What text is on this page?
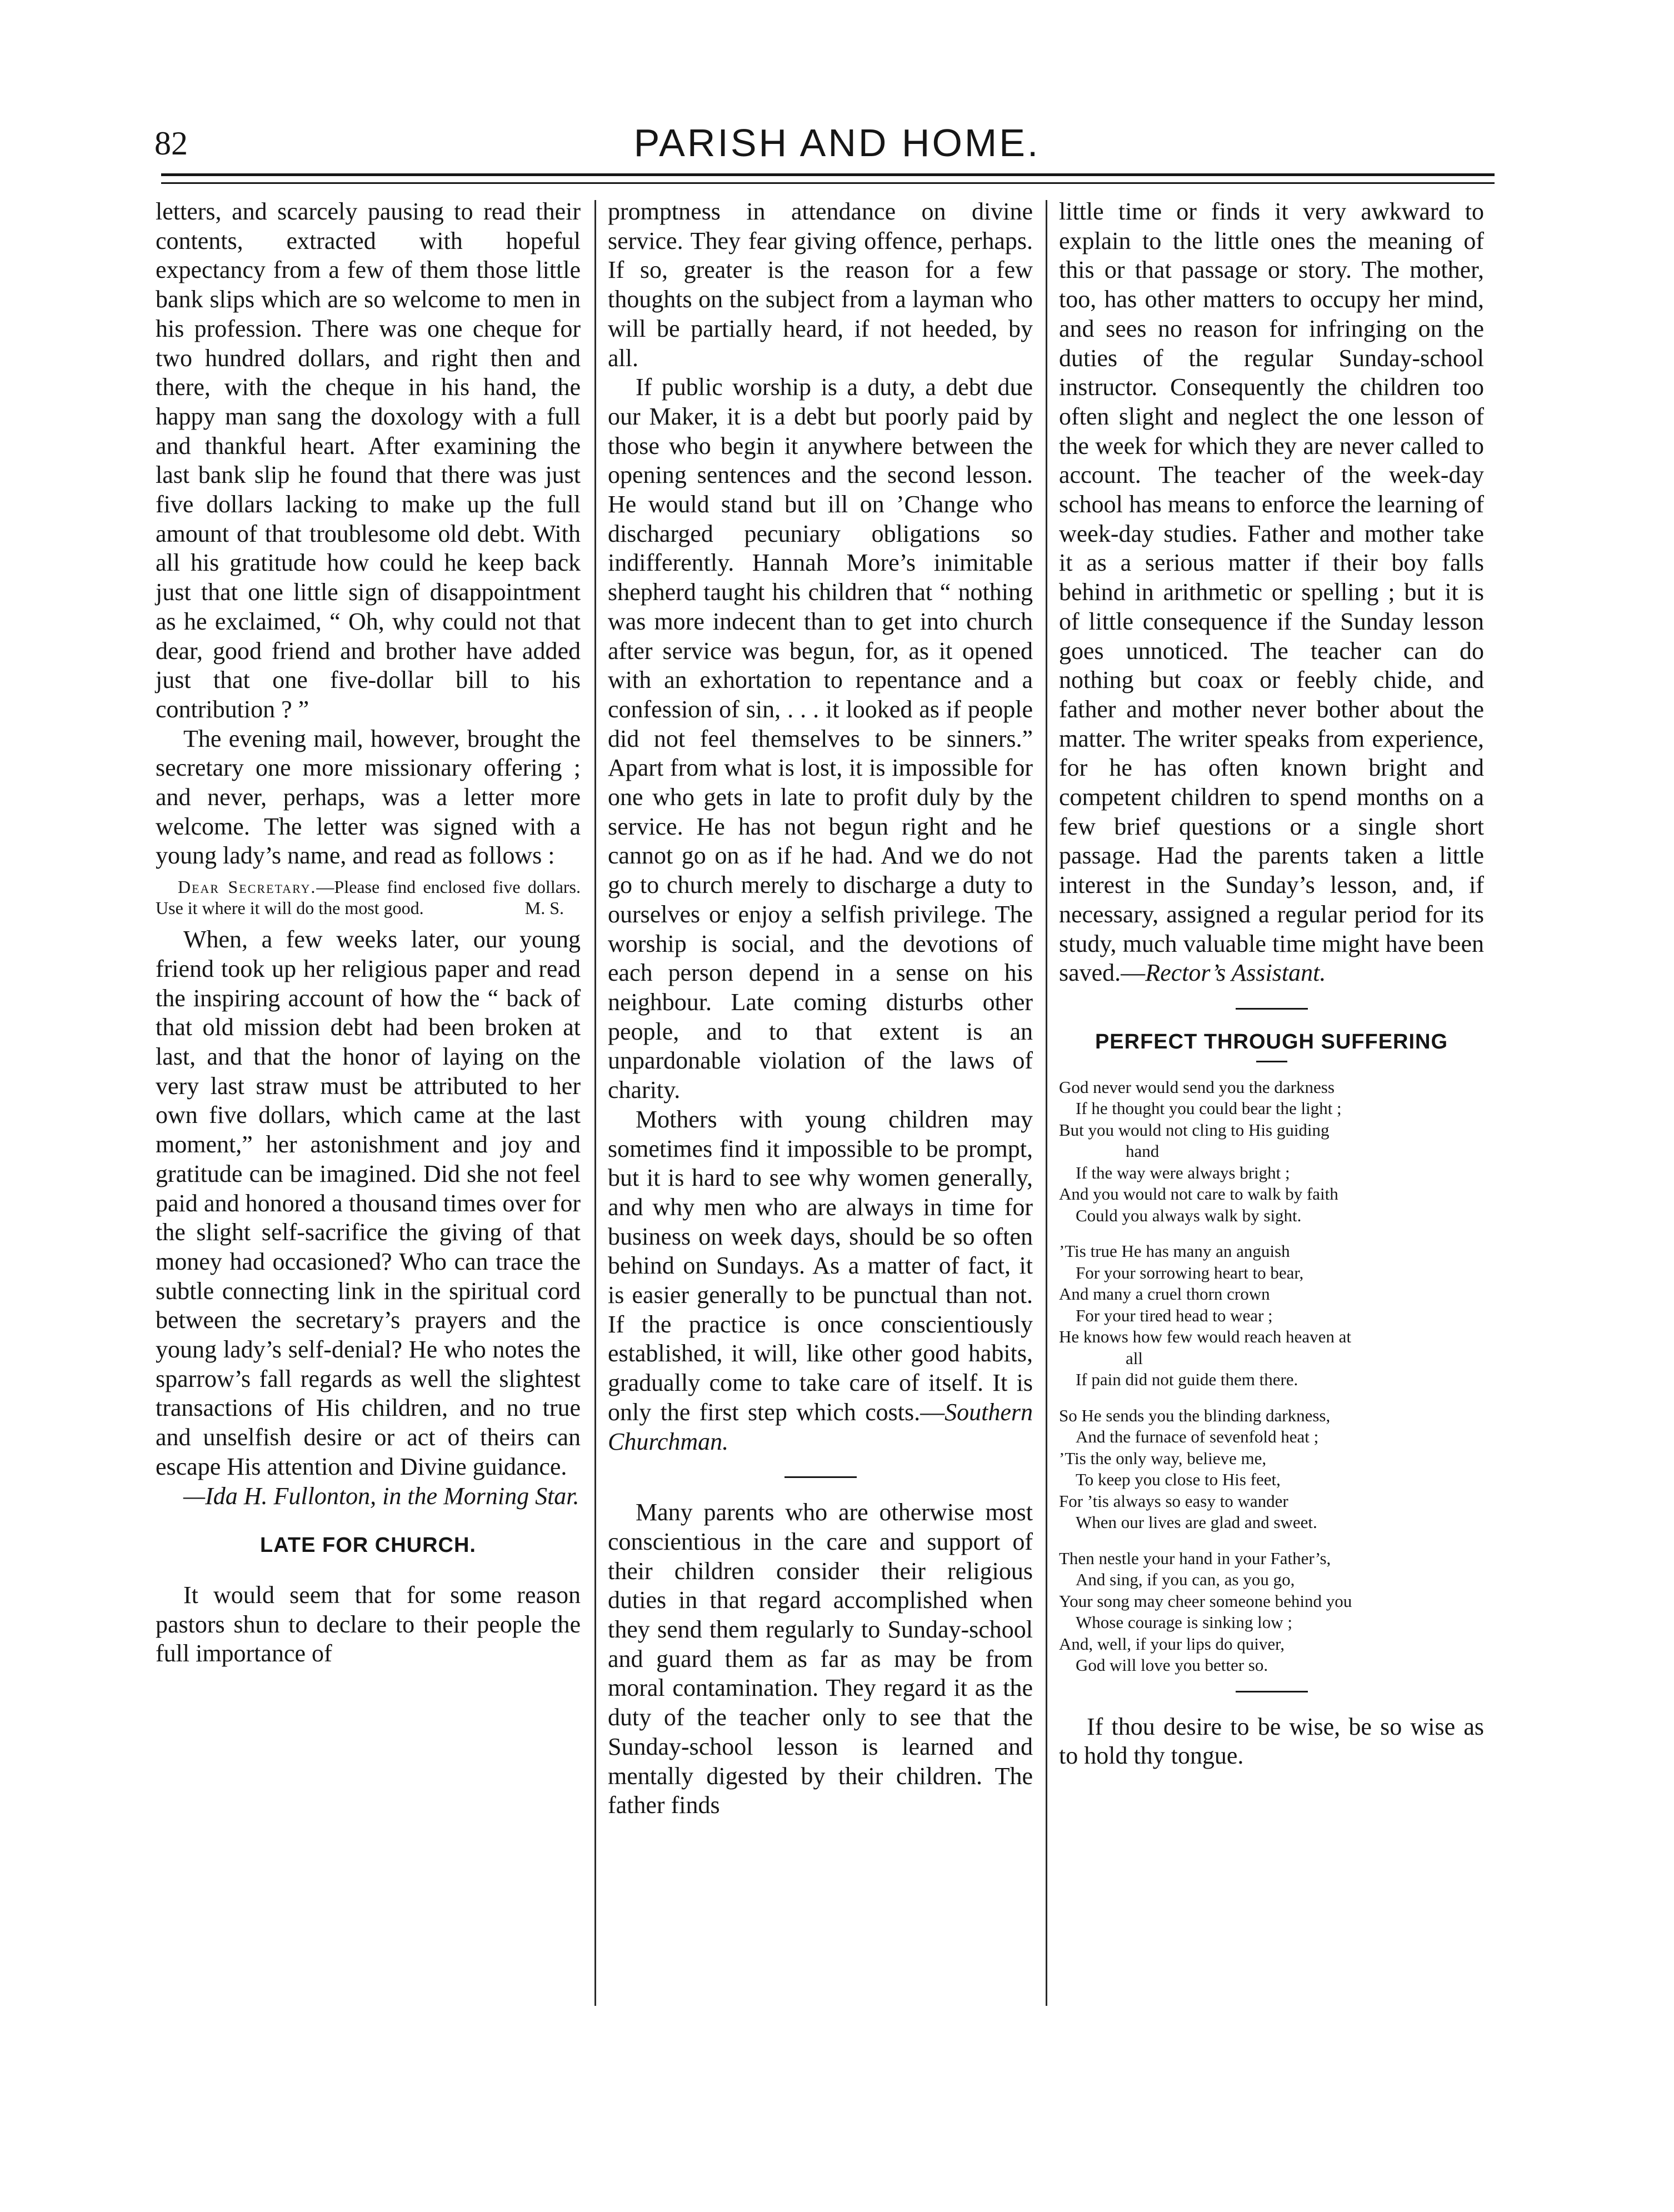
82	PARISH AND HOME.

letters, and scarcely pausing to read their contents, extracted with hopeful expectancy from a few of them those little bank slips which are so welcome to men in his profession. There was one cheque for two hundred dollars, and right then and there, with the cheque in his hand, the happy man sang the doxology with a full and thankful heart. After examining the last bank slip he found that there was just five dollars lacking to make up the full amount of that troublesome old debt. With all his gratitude how could he keep back just that one little sign of disappointment as he exclaimed, “ Oh, why could not that dear, good friend and brother have added just that one five-dollar bill to his contribution ? ”

The evening mail, however, brought the secretary one more missionary offering ; and never, perhaps, was a letter more welcome. The letter was signed with a young lady’s name, and read as follows :

Dear Secretary.—Please find enclosed five dollars. Use it where it will do the most good.	M. S.

When, a few weeks later, our young friend took up her religious paper and read the inspiring account of how the “ back of that old mission debt had been broken at last, and that the honor of laying on the very last straw must be attributed to her own five dollars, which came at the last moment,” her astonishment and joy and gratitude can be imagined. Did she not feel paid and honored a thousand times over for the slight self-sacrifice the giving of that money had occasioned? Who can trace the subtle connecting link in the spiritual cord between the secretary’s prayers and the young lady’s self-denial? He who notes the sparrow’s fall regards as well the slightest transactions of His children, and no true and unselfish desire or act of theirs can escape His attention and Divine guidance.

—Ida H. Fullonton, in the Morning Star.

LATE FOR CHURCH.

It would seem that for some reason pastors shun to declare to their people the full importance of

promptness in attendance on divine service. They fear giving offence, perhaps. If so, greater is the reason for a few thoughts on the subject from a layman who will be partially heard, if not heeded, by all.

If public worship is a duty, a debt due our Maker, it is a debt but poorly paid by those who begin it anywhere between the opening sentences and the second lesson. He would stand but ill on ’Change who discharged pecuniary obligations so indifferently. Hannah More’s inimitable shepherd taught his children that “ nothing was more indecent than to get into church after service was begun, for, as it opened with an exhortation to repentance and a confession of sin, . . . it looked as if people did not feel themselves to be sinners.” Apart from what is lost, it is impossible for one who gets in late to profit duly by the service. He has not begun right and he cannot go on as if he had. And we do not go to church merely to discharge a duty to ourselves or enjoy a selfish privilege. The worship is social, and the devotions of each person depend in a sense on his neighbour. Late coming disturbs other people, and to that extent is an unpardonable violation of the laws of charity.

Mothers with young children may sometimes find it impossible to be prompt, but it is hard to see why women generally, and why men who are always in time for business on week days, should be so often behind on Sundays. As a matter of fact, it is easier generally to be punctual than not. If the practice is once conscientiously established, it will, like other good habits, gradually come to take care of itself. It is only the first step which costs.—Southern Churchman.

Many parents who are otherwise most conscientious in the care and support of their children consider their religious duties in that regard accomplished when they send them regularly to Sunday-school and guard them as far as may be from moral contamination. They regard it as the duty of the teacher only to see that the Sunday-school lesson is learned and mentally digested by their children. The father finds

little time or finds it very awkward to explain to the little ones the meaning of this or that passage or story. The mother, too, has other matters to occupy her mind, and sees no reason for infringing on the duties of the regular Sunday-school instructor. Consequently the children too often slight and neglect the one lesson of the week for which they are never called to account. The teacher of the week-day school has means to enforce the learning of week-day studies. Father and mother take it as a serious matter if their boy falls behind in arithmetic or spelling ; but it is of little consequence if the Sunday lesson goes unnoticed. The teacher can do nothing but coax or feebly chide, and father and mother never bother about the matter. The writer speaks from experience, for he has often known bright and competent children to spend months on a few brief questions or a single short passage. Had the parents taken a little interest in the Sunday’s lesson, and, if necessary, assigned a regular period for its study, much valuable time might have been saved.—Rector’s Assistant.

PERFECT THROUGH SUFFERING
God never would send you the darkness
If he thought you could bear the light ;
But you would not cling to His guiding
hand
If the way were always bright ;
And you would not care to walk by faith
Could you always walk by sight.
’Tis true He has many an anguish
For your sorrowing heart to bear,
And many a cruel thorn crown
For your tired head to wear ;
He knows how few would reach heaven at
all
If pain did not guide them there.
So He sends you the blinding darkness,
And the furnace of sevenfold heat ;
’Tis the only way, believe me,
To keep you close to His feet,
For ’tis always so easy to wander
When our lives are glad and sweet.
Then nestle your hand in your Father’s,
And sing, if you can, as you go,
Your song may cheer someone behind you
Whose courage is sinking low ;
And, well, if your lips do quiver,
God will love you better so.

If thou desire to be wise, be so wise as to hold thy tongue.
